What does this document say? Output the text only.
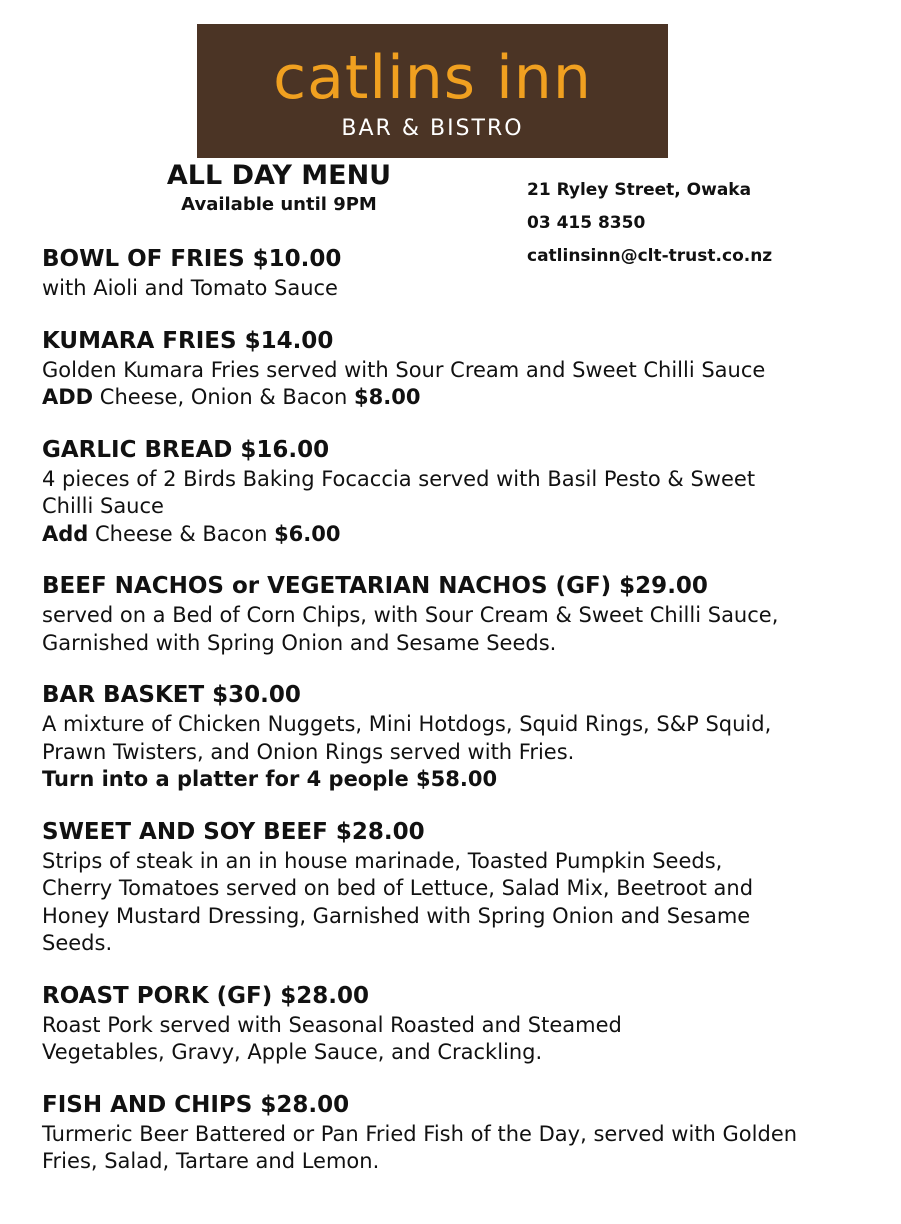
catlins inn
BAR & BISTRO
ALL DAY MENU
Available until 9PM
21 Ryley Street, Owaka
03 415 8350
catlinsinn@clt-trust.co.nz
BOWL OF FRIES $10.00
with Aioli and Tomato Sauce
KUMARA FRIES $14.00
Golden Kumara Fries served with Sour Cream and Sweet Chilli Sauce
ADD Cheese, Onion & Bacon $8.00
GARLIC BREAD $16.00
4 pieces of 2 Birds Baking Focaccia served with Basil Pesto & Sweet
Chilli Sauce
Add Cheese & Bacon $6.00
BEEF NACHOS or VEGETARIAN NACHOS (GF) $29.00
served on a Bed of Corn Chips, with Sour Cream & Sweet Chilli Sauce,
Garnished with Spring Onion and Sesame Seeds.
BAR BASKET $30.00
A mixture of Chicken Nuggets, Mini Hotdogs, Squid Rings, S&P Squid,
Prawn Twisters, and Onion Rings served with Fries.
Turn into a platter for 4 people $58.00
SWEET AND SOY BEEF $28.00
Strips of steak in an in house marinade, Toasted Pumpkin Seeds,
Cherry Tomatoes served on bed of Lettuce, Salad Mix, Beetroot and
Honey Mustard Dressing, Garnished with Spring Onion and Sesame
Seeds.
ROAST PORK (GF) $28.00
Roast Pork served with Seasonal Roasted and Steamed
Vegetables, Gravy, Apple Sauce, and Crackling.
FISH AND CHIPS $28.00
Turmeric Beer Battered or Pan Fried Fish of the Day, served with Golden
Fries, Salad, Tartare and Lemon.
